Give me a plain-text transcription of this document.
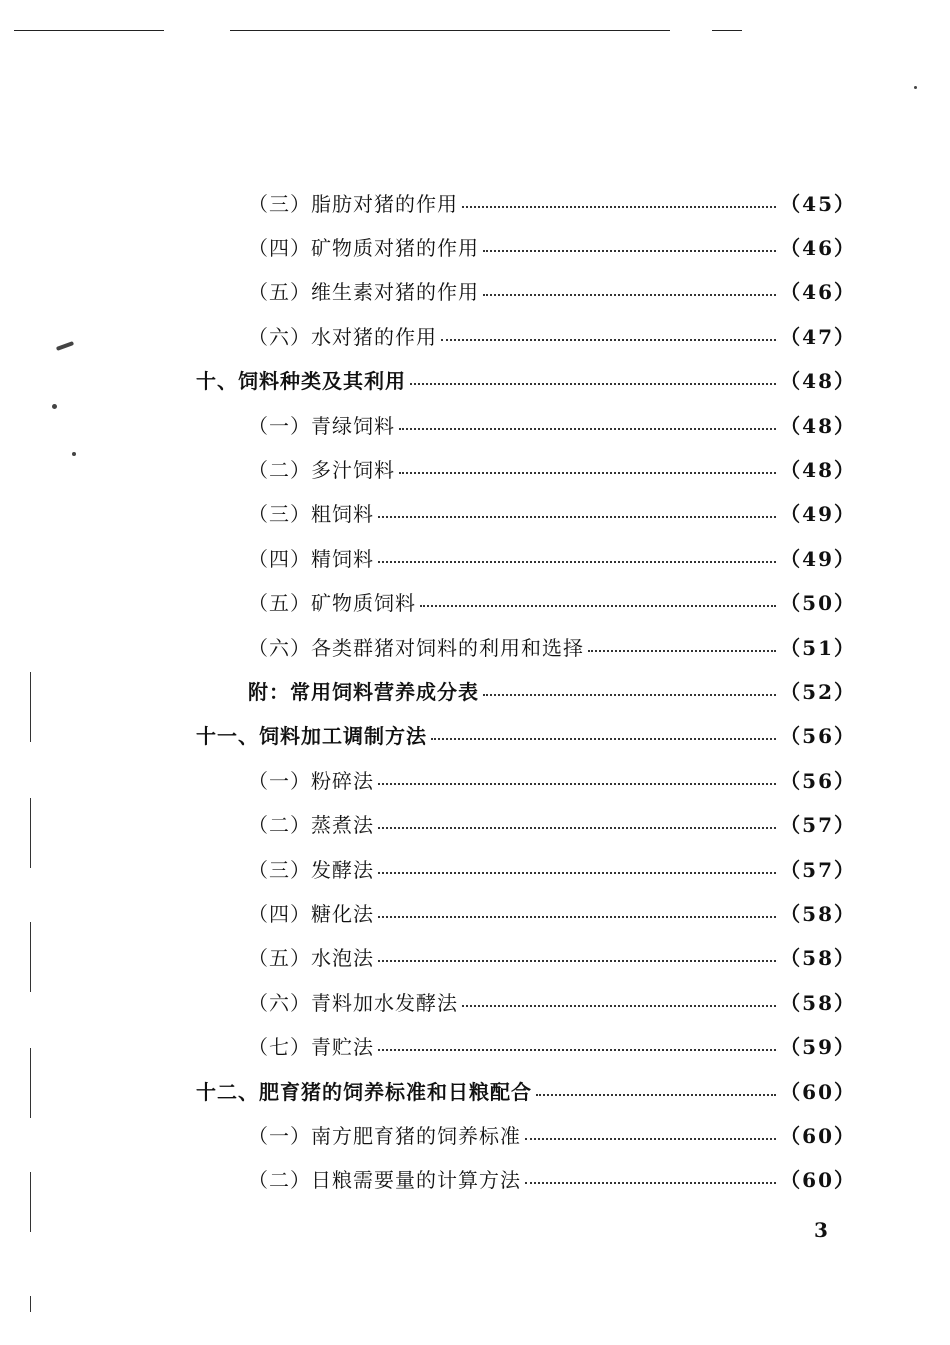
（三）脂肪对猪的作用	（45）
（四）矿物质对猪的作用	（46）
（五）维生素对猪的作用	（46）
（六）水对猪的作用	（47）
十、饲料种类及其利用	（48）
（一）青绿饲料	（48）
（二）多汁饲料	（48）
（三）粗饲料	（49）
（四）精饲料	（49）
（五）矿物质饲料	（50）
（六）各类群猪对饲料的利用和选择	（51）
附：常用饲料营养成分表	（52）
十一、饲料加工调制方法	（56）
（一）粉碎法	（56）
（二）蒸煮法	（57）
（三）发酵法	（57）
（四）糖化法	（58）
（五）水泡法	（58）
（六）青料加水发酵法	（58）
（七）青贮法	（59）
十二、肥育猪的饲养标准和日粮配合	（60）
（一）南方肥育猪的饲养标准	（60）
（二）日粮需要量的计算方法	（60）
3
